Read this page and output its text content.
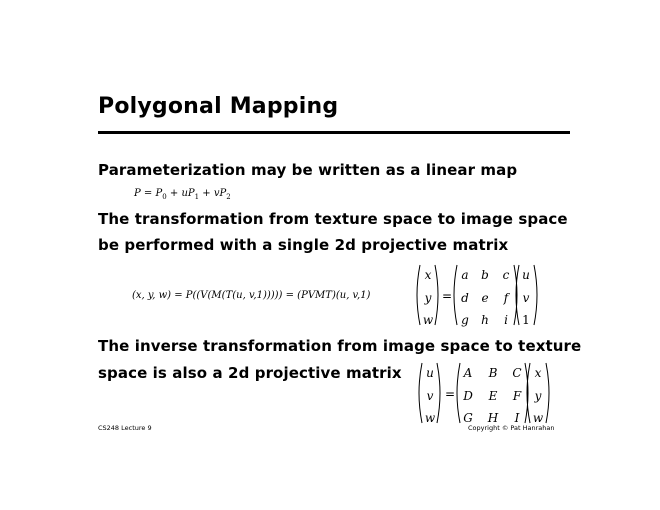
Polygonal Mapping
Parameterization may be written as a linear map
$P = P_0 + uP_1 + vP_2$
The transformation from texture space to image space
be performed with a single 2d projective matrix
(x, y, w) = P((V(M(T(u, v,1))))) = (PVMT)(u, v,1)
The inverse transformation from image space to texture
space is also a 2d projective matrix
x
y
w
=
a	b	c
d	e	f
g	h	i
u
v
1
u
v
w
=
A	B	C
D	E	F
G	H	I
x
y
w
CS248 Lecture 9	Copyright © Pat Hanrahan
